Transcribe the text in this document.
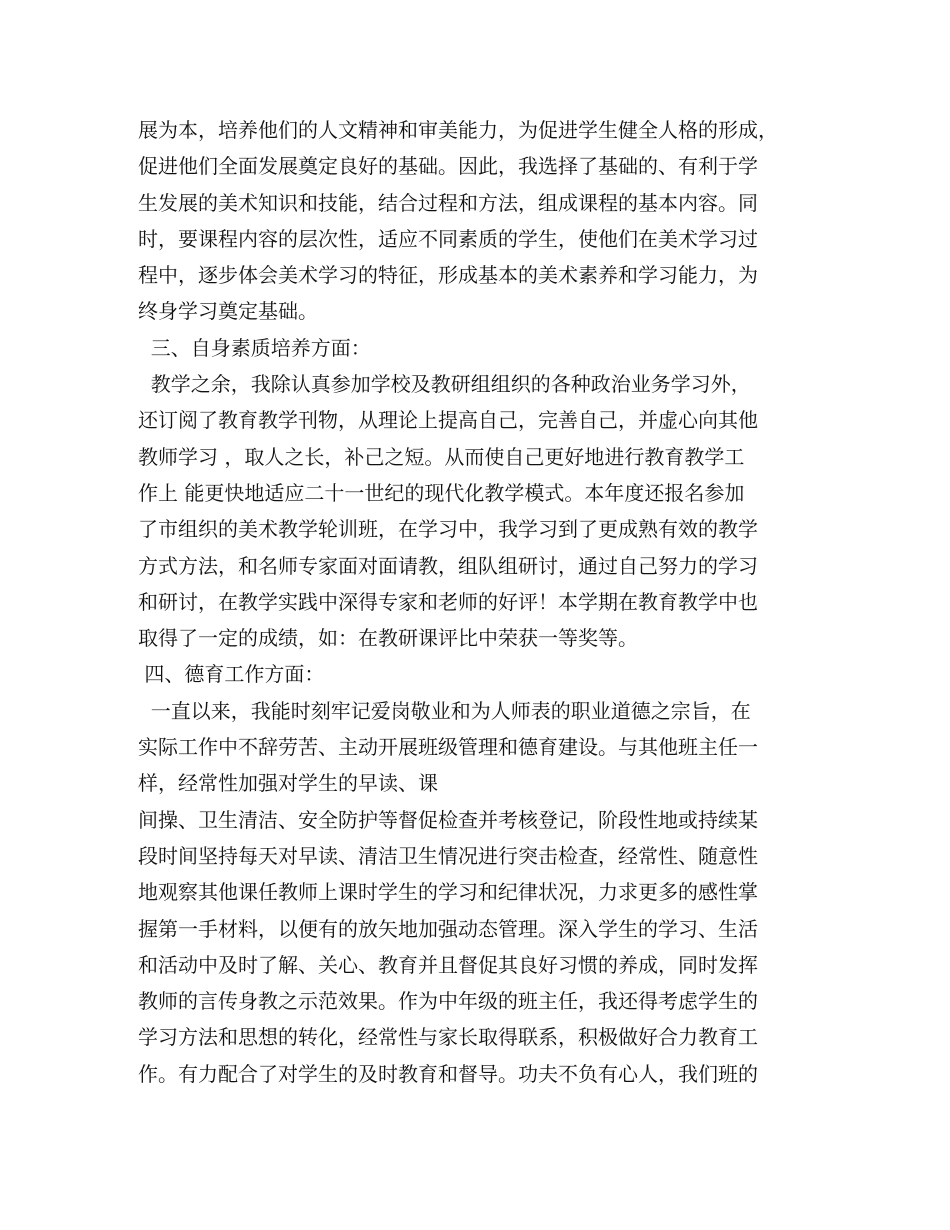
展为本，培养他们的人文精神和审美能力，为促进学生健全人格的形成，
促进他们全面发展奠定良好的基础。因此，我选择了基础的、有利于学
生发展的美术知识和技能，结合过程和方法，组成课程的基本内容。同
时，要课程内容的层次性，适应不同素质的学生，使他们在美术学习过
程中，逐步体会美术学习的特征，形成基本的美术素养和学习能力，为
终身学习奠定基础。
三、自身素质培养方面：
教学之余，我除认真参加学校及教研组组织的各种政治业务学习外，
还订阅了教育教学刊物，从理论上提高自己，完善自己，并虚心向其他
教师学习 ，取人之长，补己之短。从而使自己更好地进行教育教学工
作上 能更快地适应二十一世纪的现代化教学模式。本年度还报名参加
了市组织的美术教学轮训班，在学习中，我学习到了更成熟有效的教学
方式方法，和名师专家面对面请教，组队组研讨，通过自己努力的学习
和研讨，在教学实践中深得专家和老师的好评！本学期在教育教学中也
取得了一定的成绩，如：在教研课评比中荣获一等奖等。
四、德育工作方面：
一直以来，我能时刻牢记爱岗敬业和为人师表的职业道德之宗旨，在
实际工作中不辞劳苦、主动开展班级管理和德育建设。与其他班主任一
样，经常性加强对学生的早读、课
间操、卫生清洁、安全防护等督促检查并考核登记，阶段性地或持续某
段时间坚持每天对早读、清洁卫生情况进行突击检查，经常性、随意性
地观察其他课任教师上课时学生的学习和纪律状况，力求更多的感性掌
握第一手材料，以便有的放矢地加强动态管理。深入学生的学习、生活
和活动中及时了解、关心、教育并且督促其良好习惯的养成，同时发挥
教师的言传身教之示范效果。作为中年级的班主任，我还得考虑学生的
学习方法和思想的转化，经常性与家长取得联系，积极做好合力教育工
作。有力配合了对学生的及时教育和督导。功夫不负有心人，我们班的
